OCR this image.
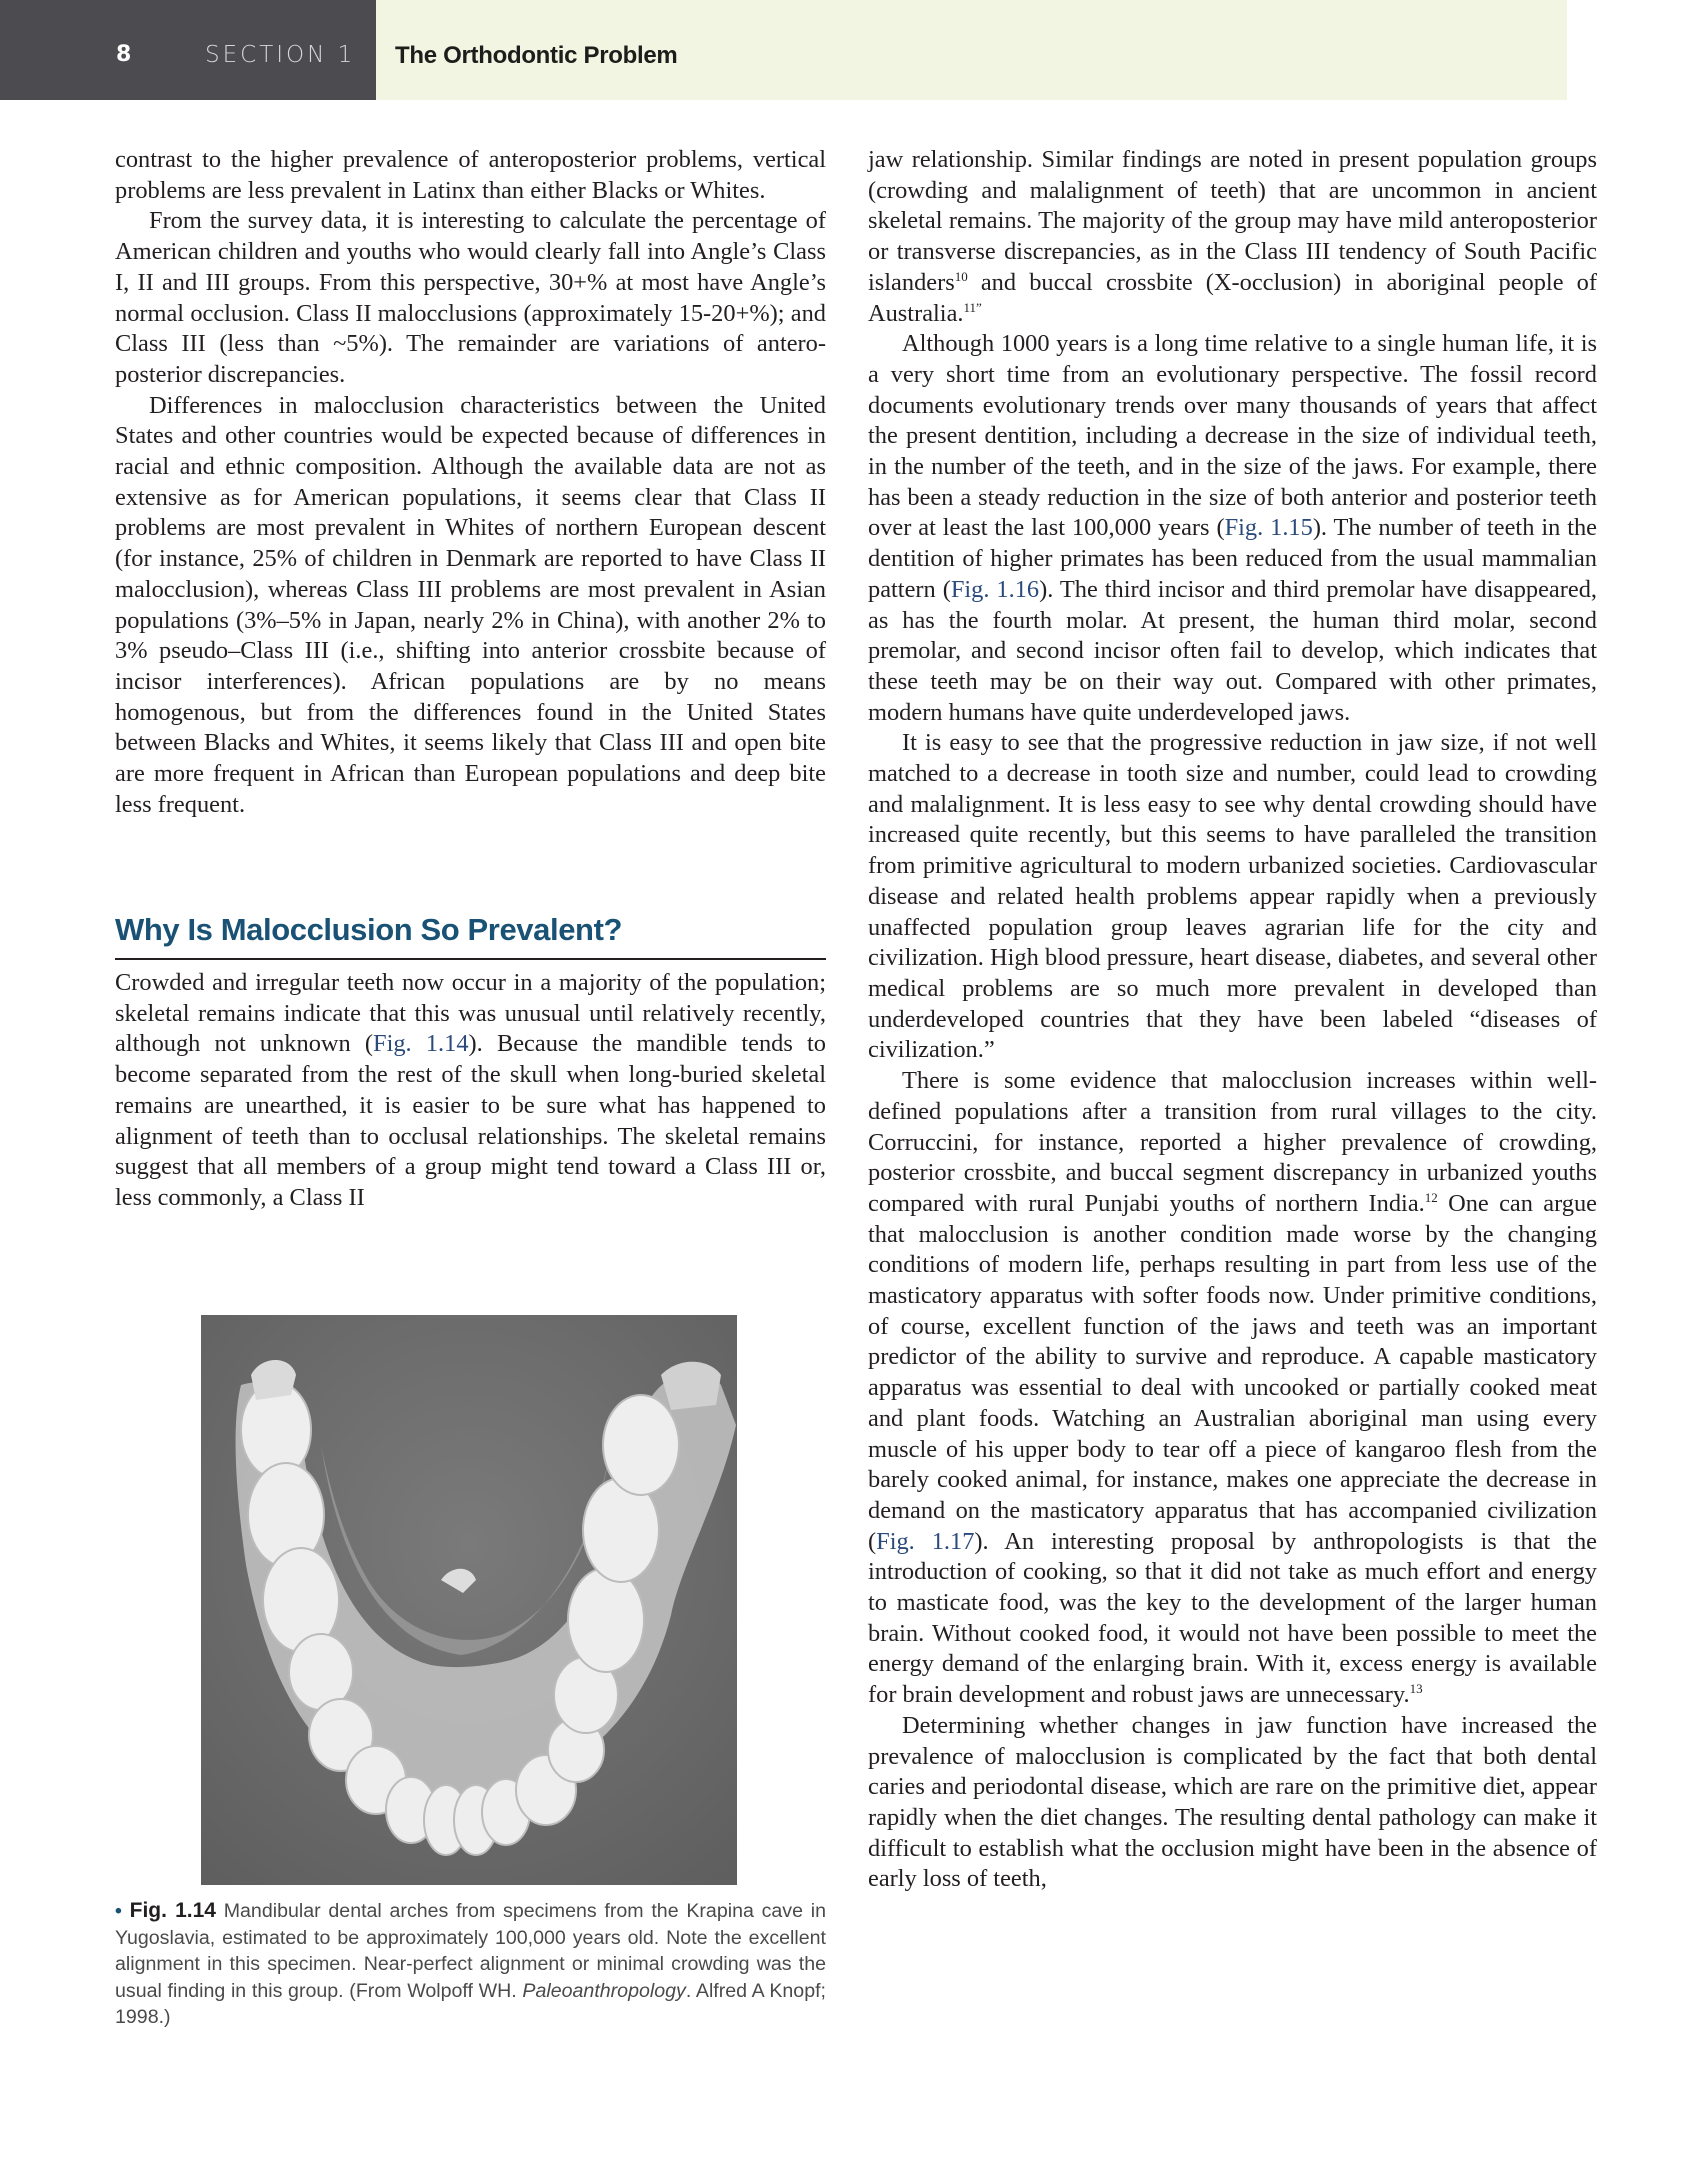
8	SECTION 1 The Orthodontic Problem

contrast to the higher prevalence of anteroposterior problems, vertical problems are less prevalent in Latinx than either Blacks or Whites.

From the survey data, it is interesting to calculate the percentage of American children and youths who would clearly fall into Angle’s Class I, II and III groups. From this perspective, 30+% at most have Angle’s normal occlusion. Class II malocclusions (approximately 15-20+%); and Class III (less than ~5%). The remainder are variations of antero-posterior discrepancies.

Differences in malocclusion characteristics between the United States and other countries would be expected because of differences in racial and ethnic composition. Although the available data are not as extensive as for American populations, it seems clear that Class II problems are most prevalent in Whites of northern European descent (for instance, 25% of children in Denmark are reported to have Class II malocclusion), whereas Class III problems are most prevalent in Asian populations (3%–5% in Japan, nearly 2% in China), with another 2% to 3% pseudo–Class III (i.e., shifting into anterior crossbite because of incisor interferences). African populations are by no means homogenous, but from the differences found in the United States between Blacks and Whites, it seems likely that Class III and open bite are more frequent in African than European populations and deep bite less frequent.

Why Is Malocclusion So Prevalent?

Crowded and irregular teeth now occur in a majority of the population; skeletal remains indicate that this was unusual until relatively recently, although not unknown (Fig. 1.14). Because the mandible tends to become separated from the rest of the skull when long-buried skeletal remains are unearthed, it is easier to be sure what has happened to alignment of teeth than to occlusal relationships. The skeletal remains suggest that all members of a group might tend toward a Class III or, less commonly, a Class II

• Fig. 1.14 Mandibular dental arches from specimens from the Krapina cave in Yugoslavia, estimated to be approximately 100,000 years old. Note the excellent alignment in this specimen. Near-perfect alignment or minimal crowding was the usual finding in this group. (From Wolpoff WH. Paleoanthropology. Alfred A Knopf; 1998.)

jaw relationship. Similar findings are noted in present population groups (crowding and malalignment of teeth) that are uncommon in ancient skeletal remains. The majority of the group may have mild anteroposterior or transverse discrepancies, as in the Class III tendency of South Pacific islanders$^{10}$ and buccal crossbite (X-occlusion) in aboriginal people of Australia.$^{11”}$

Although 1000 years is a long time relative to a single human life, it is a very short time from an evolutionary perspective. The fossil record documents evolutionary trends over many thousands of years that affect the present dentition, including a decrease in the size of individual teeth, in the number of the teeth, and in the size of the jaws. For example, there has been a steady reduction in the size of both anterior and posterior teeth over at least the last 100,000 years (Fig. 1.15). The number of teeth in the dentition of higher primates has been reduced from the usual mammalian pattern (Fig. 1.16). The third incisor and third premolar have disappeared, as has the fourth molar. At present, the human third molar, second premolar, and second incisor often fail to develop, which indicates that these teeth may be on their way out. Compared with other primates, modern humans have quite underdeveloped jaws.

It is easy to see that the progressive reduction in jaw size, if not well matched to a decrease in tooth size and number, could lead to crowding and malalignment. It is less easy to see why dental crowding should have increased quite recently, but this seems to have paralleled the transition from primitive agricultural to modern urbanized societies. Cardiovascular disease and related health problems appear rapidly when a previously unaffected population group leaves agrarian life for the city and civilization. High blood pressure, heart disease, diabetes, and several other medical problems are so much more prevalent in developed than underdeveloped countries that they have been labeled “diseases of civilization.”

There is some evidence that malocclusion increases within well-defined populations after a transition from rural villages to the city. Corruccini, for instance, reported a higher prevalence of crowding, posterior crossbite, and buccal segment discrepancy in urbanized youths compared with rural Punjabi youths of northern India.$^{12}$ One can argue that malocclusion is another condition made worse by the changing conditions of modern life, perhaps resulting in part from less use of the masticatory apparatus with softer foods now. Under primitive conditions, of course, excellent function of the jaws and teeth was an important predictor of the ability to survive and reproduce. A capable masticatory apparatus was essential to deal with uncooked or partially cooked meat and plant foods. Watching an Australian aboriginal man using every muscle of his upper body to tear off a piece of kangaroo flesh from the barely cooked animal, for instance, makes one appreciate the decrease in demand on the masticatory apparatus that has accompanied civilization (Fig. 1.17). An interesting proposal by anthropologists is that the introduction of cooking, so that it did not take as much effort and energy to masticate food, was the key to the development of the larger human brain. Without cooked food, it would not have been possible to meet the energy demand of the enlarging brain. With it, excess energy is available for brain development and robust jaws are unnecessary.$^{13}$

Determining whether changes in jaw function have increased the prevalence of malocclusion is complicated by the fact that both dental caries and periodontal disease, which are rare on the primitive diet, appear rapidly when the diet changes. The resulting dental pathology can make it difficult to establish what the occlusion might have been in the absence of early loss of teeth,
